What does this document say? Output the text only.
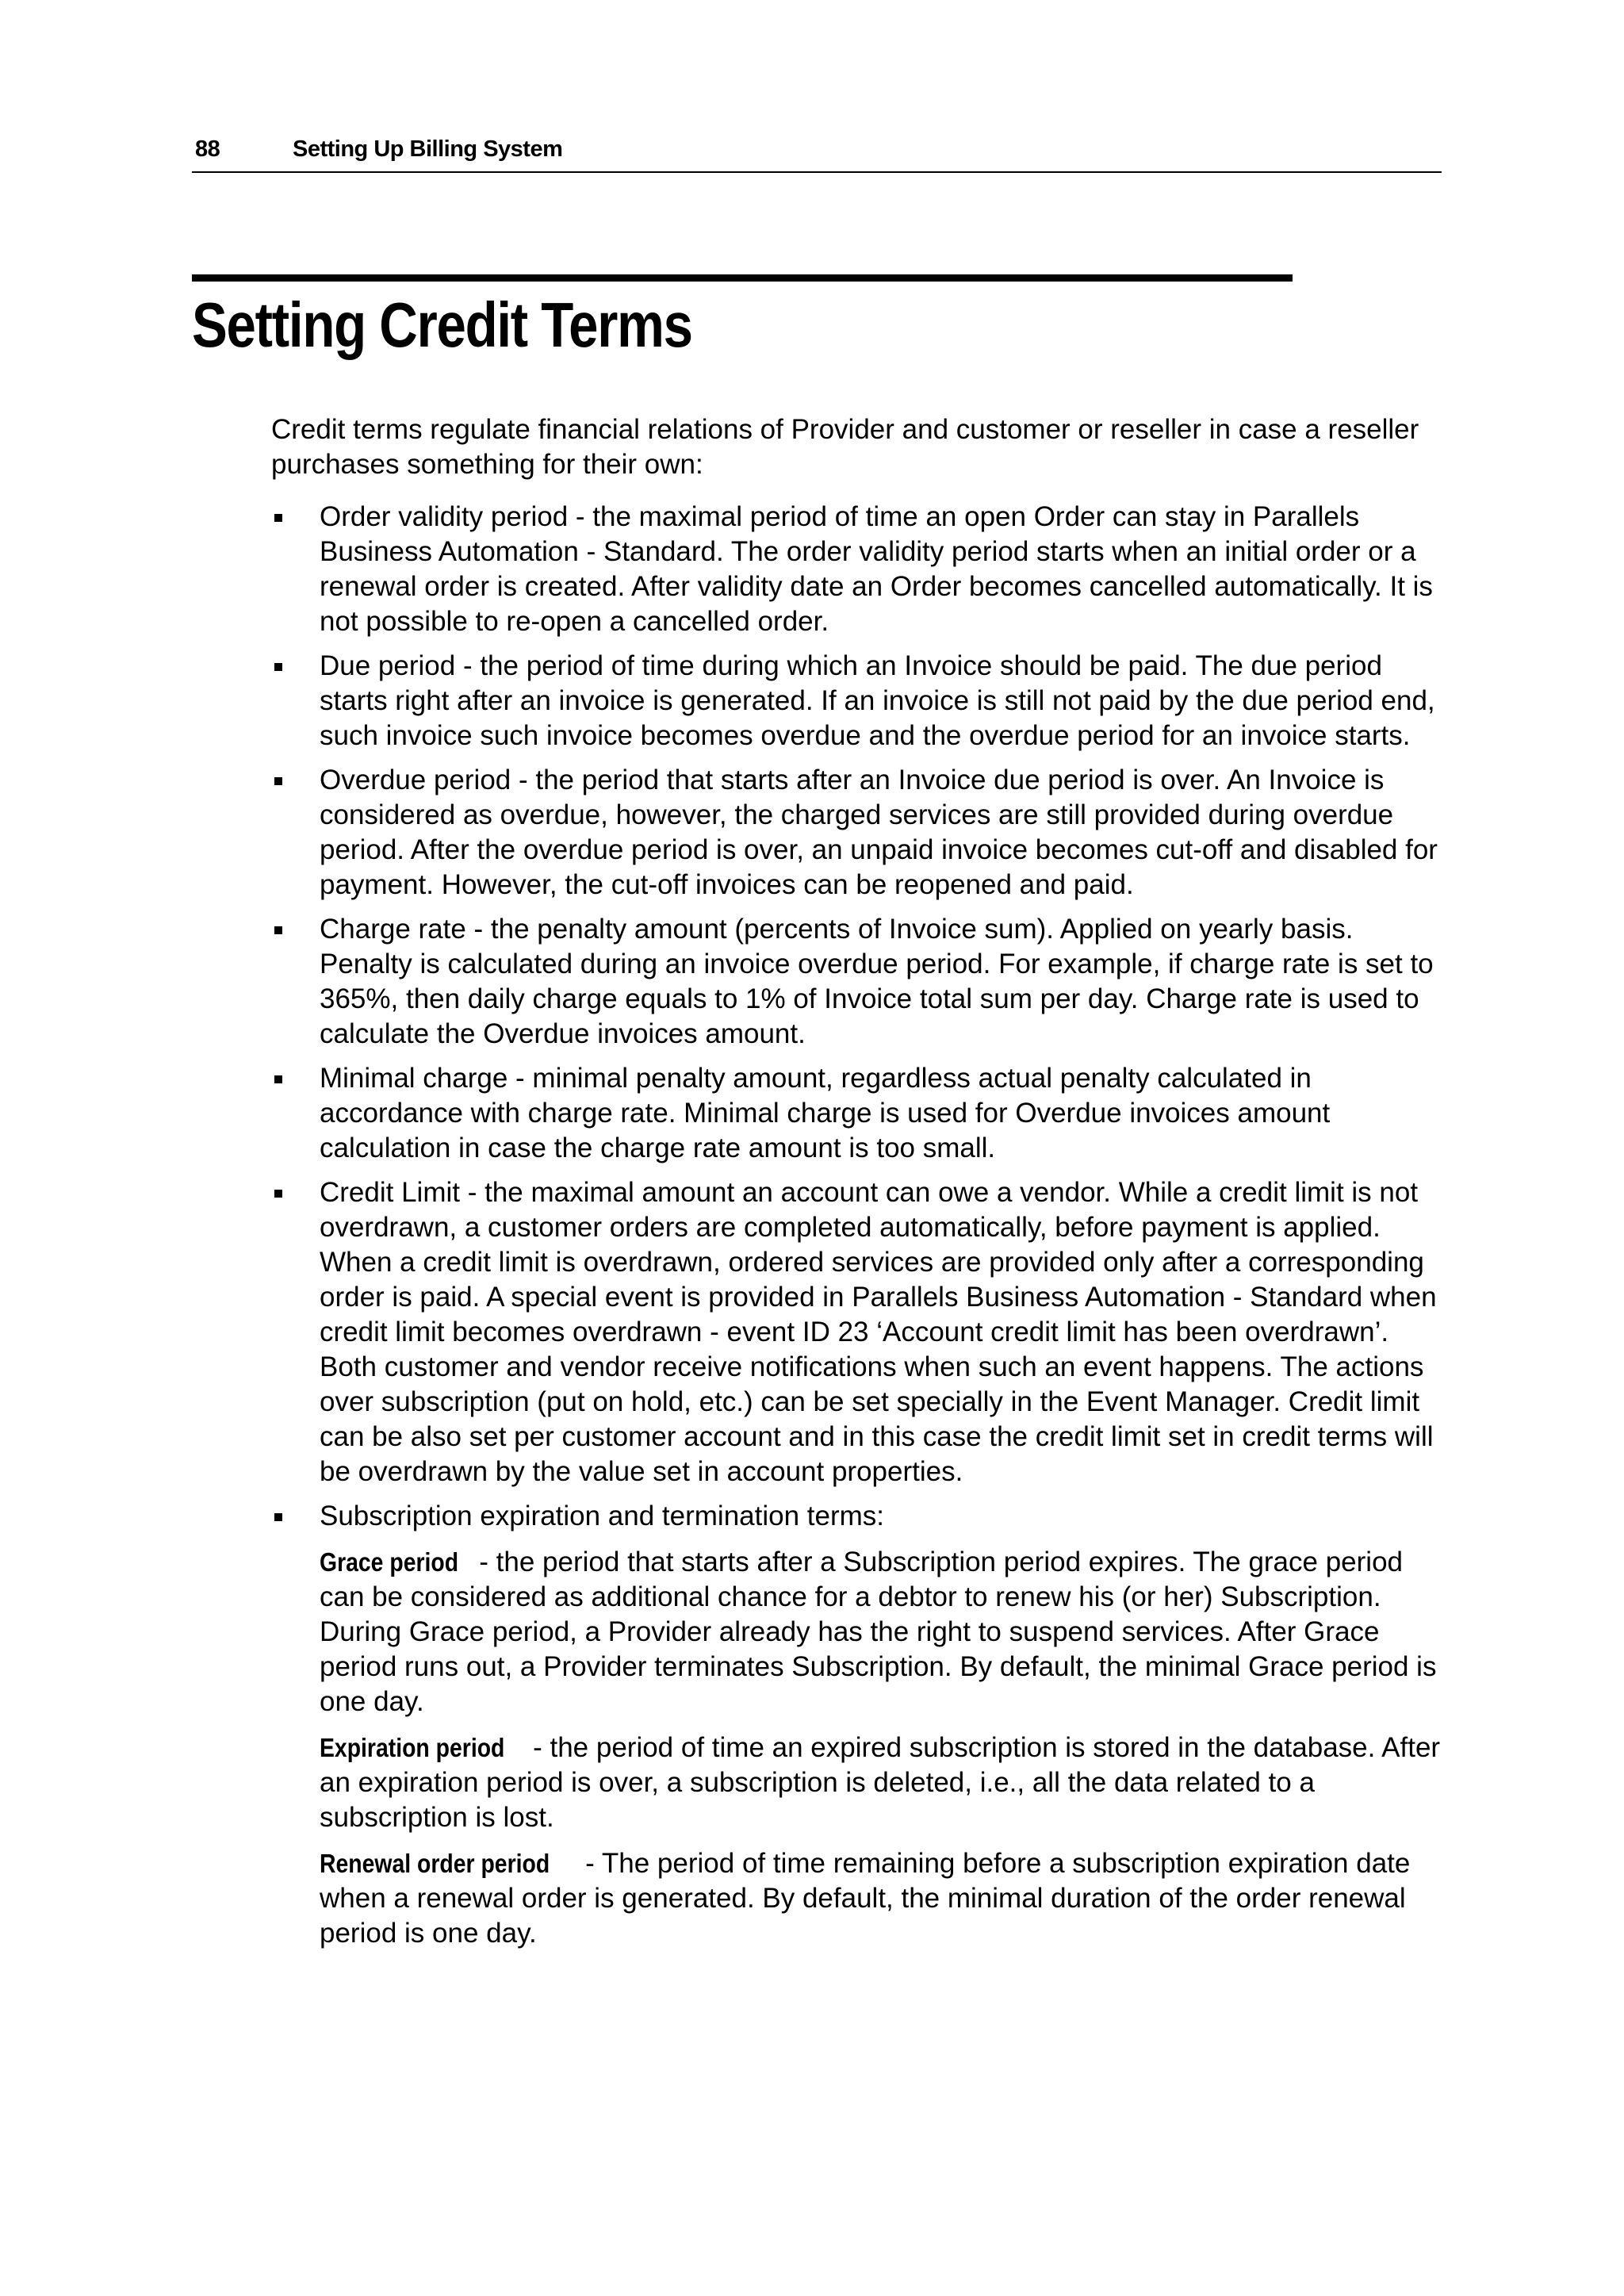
88	Setting Up Billing System
Setting Credit Terms

Credit terms regulate financial relations of Provider and customer or reseller in case a reseller purchases something for their own:

Order validity period - the maximal period of time an open Order can stay in Parallels Business Automation - Standard. The order validity period starts when an initial order or a renewal order is created. After validity date an Order becomes cancelled automatically. It is not possible to re-open a cancelled order.
Due period - the period of time during which an Invoice should be paid. The due period starts right after an invoice is generated. If an invoice is still not paid by the due period end, such invoice such invoice becomes overdue and the overdue period for an invoice starts.
Overdue period - the period that starts after an Invoice due period is over. An Invoice is considered as overdue, however, the charged services are still provided during overdue period. After the overdue period is over, an unpaid invoice becomes cut-off and disabled for payment. However, the cut-off invoices can be reopened and paid.
Charge rate - the penalty amount (percents of Invoice sum). Applied on yearly basis. Penalty is calculated during an invoice overdue period. For example, if charge rate is set to 365%, then daily charge equals to 1% of Invoice total sum per day. Charge rate is used to calculate the Overdue invoices amount.
Minimal charge - minimal penalty amount, regardless actual penalty calculated in accordance with charge rate. Minimal charge is used for Overdue invoices amount calculation in case the charge rate amount is too small.
Credit Limit - the maximal amount an account can owe a vendor. While a credit limit is not overdrawn, a customer orders are completed automatically, before payment is applied. When a credit limit is overdrawn, ordered services are provided only after a corresponding order is paid. A special event is provided in Parallels Business Automation - Standard when credit limit becomes overdrawn - event ID 23 ‘Account credit limit has been overdrawn’. Both customer and vendor receive notifications when such an event happens. The actions over subscription (put on hold, etc.) can be set specially in the Event Manager. Credit limit can be also set per customer account and in this case the credit limit set in credit terms will be overdrawn by the value set in account properties.
Subscription expiration and termination terms:

Grace period - the period that starts after a Subscription period expires. The grace period can be considered as additional chance for a debtor to renew his (or her) Subscription. During Grace period, a Provider already has the right to suspend services. After Grace period runs out, a Provider terminates Subscription. By default, the minimal Grace period is one day.

Expiration period - the period of time an expired subscription is stored in the database. After an expiration period is over, a subscription is deleted, i.e., all the data related to a subscription is lost.

Renewal order period - The period of time remaining before a subscription expiration date when a renewal order is generated. By default, the minimal duration of the order renewal period is one day.
